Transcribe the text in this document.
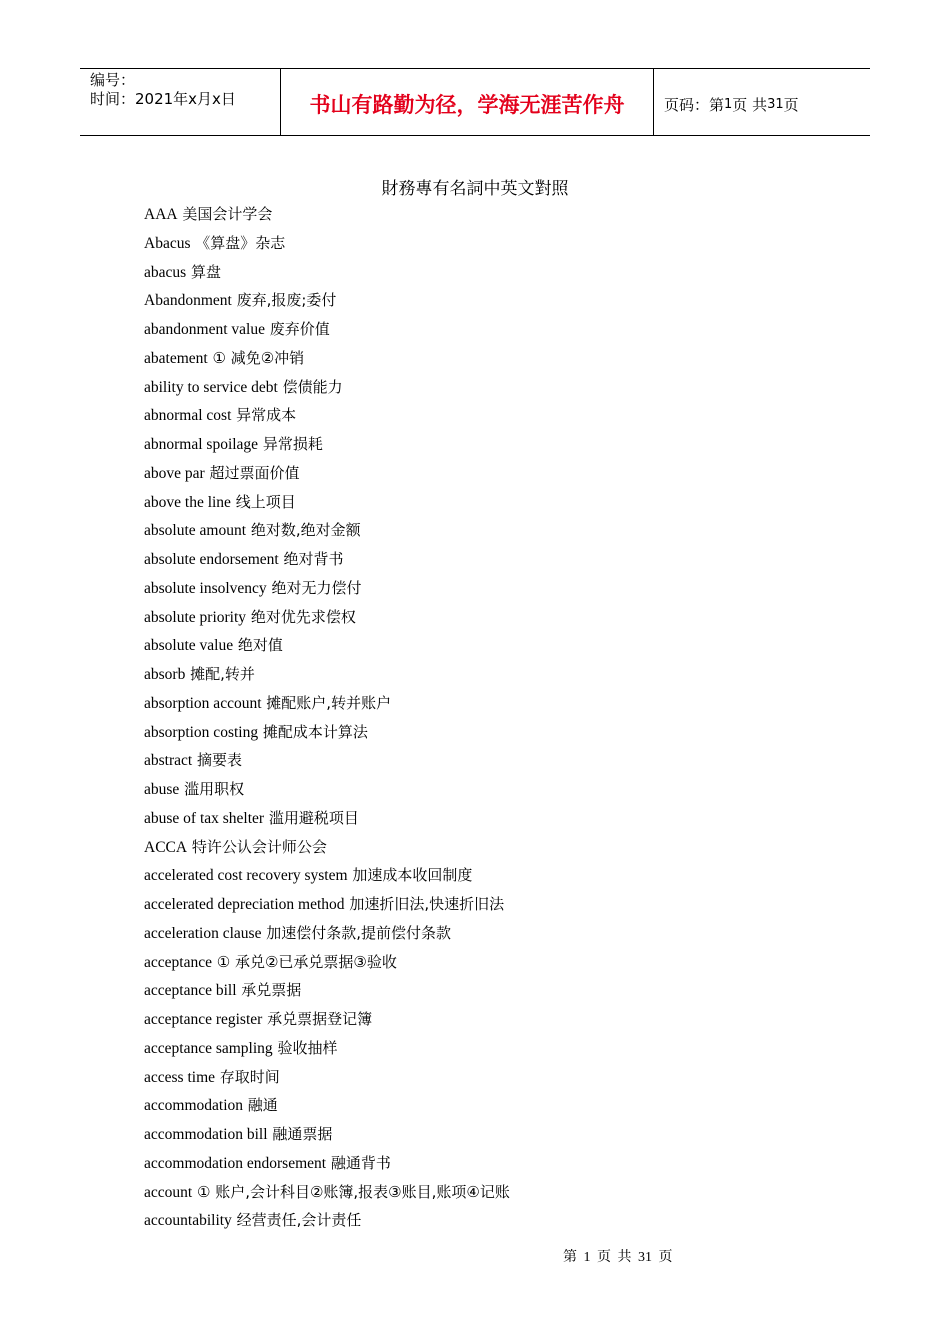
编号：
时间：2021年x月x日	书山有路勤为径，学海无涯苦作舟	页码：第 1 页 共 31 页
財務專有名詞中英文對照
AAA 美国会计学会
Abacus 《算盘》杂志
abacus 算盘
Abandonment 废弃,报废;委付
abandonment value 废弃价值
abatement ① 减免②冲销
ability to service debt 偿债能力
abnormal cost 异常成本
abnormal spoilage 异常损耗
above par 超过票面价值
above the line 线上项目
absolute amount 绝对数,绝对金额
absolute endorsement 绝对背书
absolute insolvency 绝对无力偿付
absolute priority 绝对优先求偿权
absolute value 绝对值
absorb 摊配,转并
absorption account 摊配账户,转并账户
absorption costing 摊配成本计算法
abstract 摘要表
abuse 滥用职权
abuse of tax shelter 滥用避税项目
ACCA 特许公认会计师公会
accelerated cost recovery system 加速成本收回制度
accelerated depreciation method 加速折旧法,快速折旧法
acceleration clause 加速偿付条款,提前偿付条款
acceptance ① 承兑②已承兑票据③验收
acceptance bill 承兑票据
acceptance register 承兑票据登记簿
acceptance sampling 验收抽样
access time 存取时间
accommodation 融通
accommodation bill 融通票据
accommodation endorsement 融通背书
account ① 账户,会计科目②账簿,报表③账目,账项④记账
accountability 经营责任,会计责任
第 1 页 共 31 页
